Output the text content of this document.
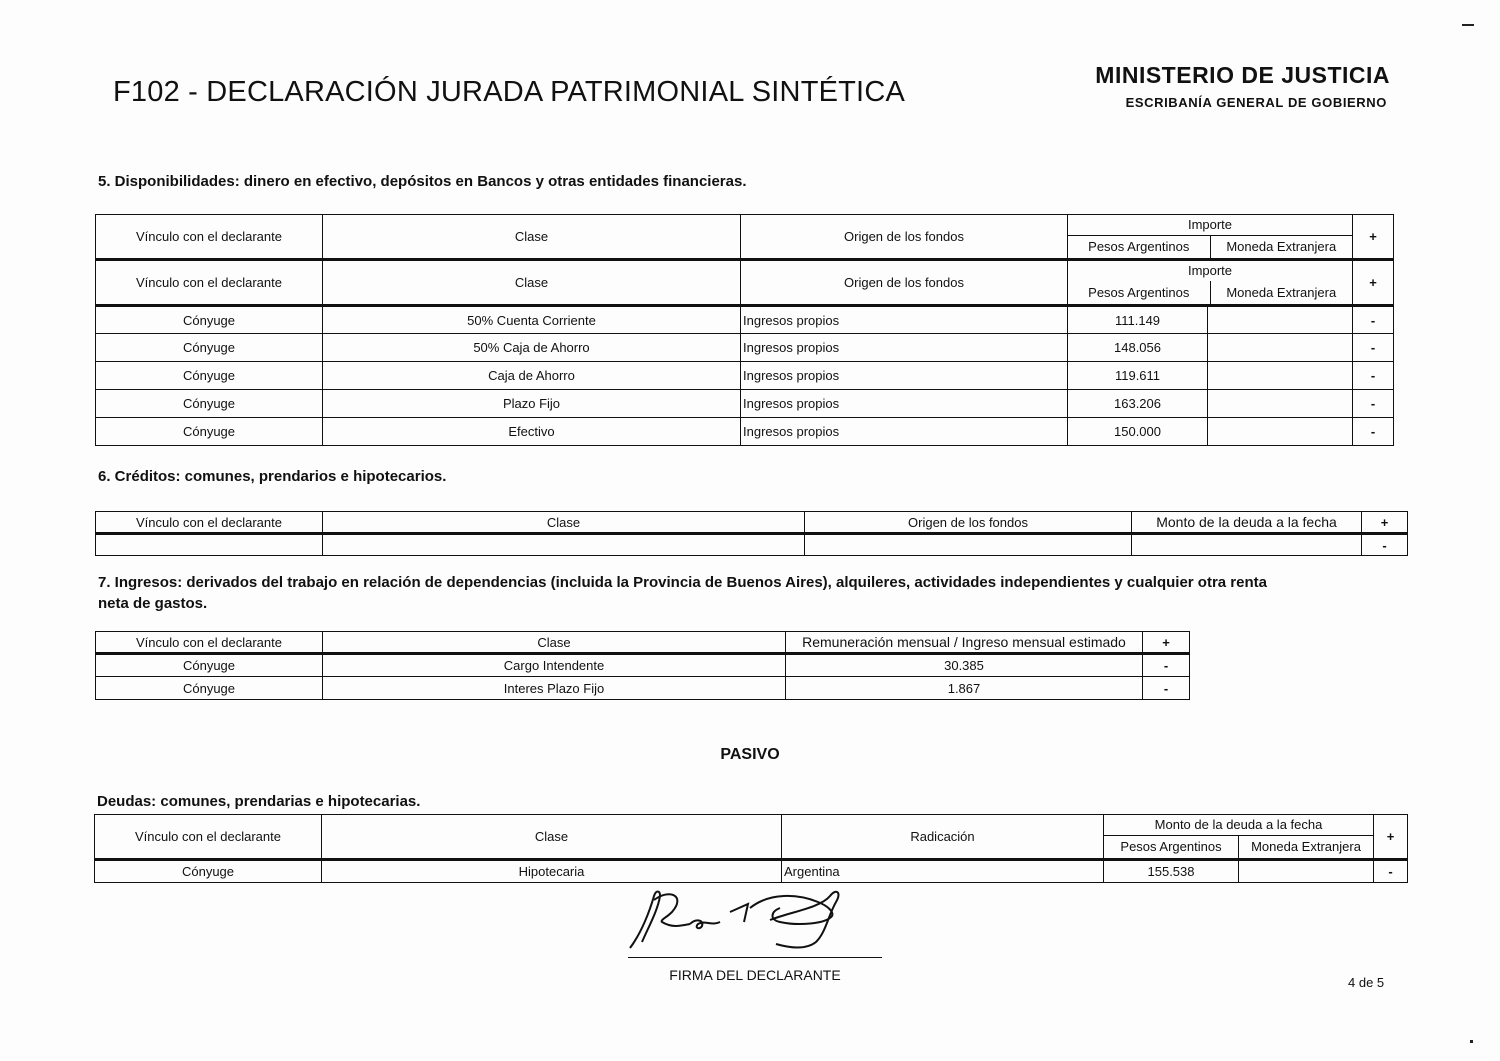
F102 - DECLARACIÓN JURADA PATRIMONIAL SINTÉTICA
MINISTERIO DE JUSTICIA
ESCRIBANÍA GENERAL DE GOBIERNO
5. Disponibilidades: dinero en efectivo, depósitos en Bancos y otras entidades financieras.
Vínculo con el declarante	Clase	Origen de los fondos	Importe
Pesos Argentinos Moneda Extranjera		+
Vínculo con el declarante	Clase	Origen de los fondos	Importe
Pesos Argentinos Moneda Extranjera		+
Cónyuge	50% Cuenta Corriente	Ingresos propios	111.149		-
Cónyuge	50% Caja de Ahorro	Ingresos propios	148.056		-
Cónyuge	Caja de Ahorro	Ingresos propios	119.611		-
Cónyuge	Plazo Fijo	Ingresos propios	163.206		-
Cónyuge	Efectivo	Ingresos propios	150.000		-
6. Créditos: comunes, prendarios e hipotecarios.
Vínculo con el declarante	Clase	Origen de los fondos	Monto de la deuda a la fecha	+
				-
7. Ingresos: derivados del trabajo en relación de dependencias (incluida la Provincia de Buenos Aires), alquileres, actividades independientes y cualquier otra renta
neta de gastos.
Vínculo con el declarante	Clase	Remuneración mensual / Ingreso mensual estimado	+
Cónyuge	Cargo Intendente	30.385	-
Cónyuge	Interes Plazo Fijo	1.867	-
PASIVO
Deudas: comunes, prendarias e hipotecarias.
Vínculo con el declarante	Clase	Radicación	Monto de la deuda a la fecha
Pesos Argentinos Moneda Extranjera		+
Cónyuge	Hipotecaria	Argentina	155.538		-
FIRMA DEL DECLARANTE	4 de 5
